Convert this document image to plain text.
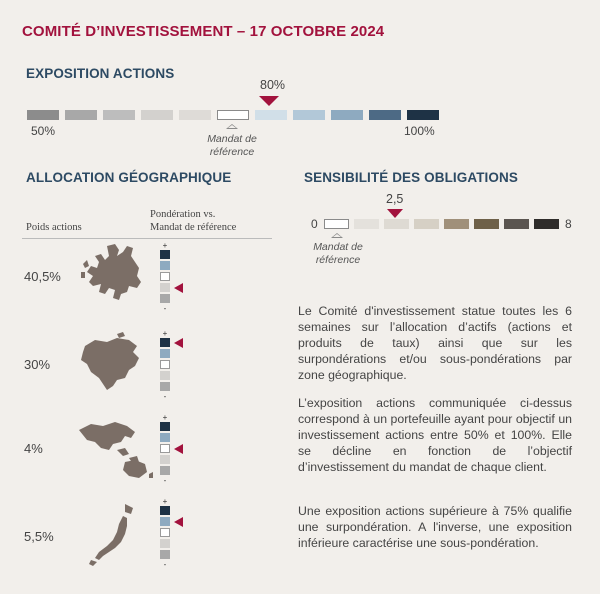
COMITÉ D’INVESTISSEMENT – 17 OCTOBRE 2024
EXPOSITION ACTIONS
80%
50%	100%
Mandat de
référence
ALLOCATION GÉOGRAPHIQUE
Poids actions
Pondération vs.
Mandat de référence
40,5%
+
-
30%
+
-
4%
+
-
5,5%
+
-
SENSIBILITÉ DES OBLIGATIONS
2,5
0	8
Mandat de
référence

Le Comité d'investissement statue toutes les 6 semaines sur l’allocation d’actifs (actions et produits de taux) ainsi que sur les surpondérations et/ou sous-pondérations par zone géographique.

L’exposition actions communiquée ci-dessus correspond à un portefeuille ayant pour objectif un investissement actions entre 50% et 100%. Elle se décline en fonction de l’objectif d’investissement du mandat de chaque client.

Une exposition actions supérieure à 75% qualifie une surpondération. A l'inverse, une exposition inférieure caractérise une sous-pondération.
